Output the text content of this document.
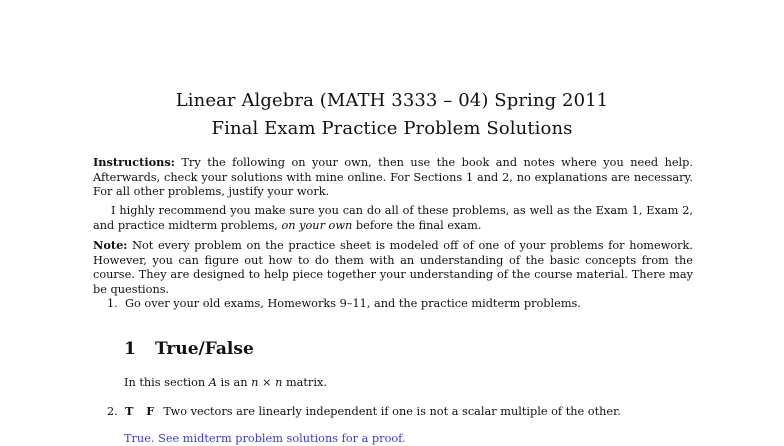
Linear Algebra (MATH 3333 – 04) Spring 2011
Final Exam Practice Problem Solutions
Instructions: Try the following on your own, then use the book and notes where you need help. Afterwards, check your solutions with mine online. For Sections 1 and 2, no explanations are necessary. For all other problems, justify your work.
I highly recommend you make sure you can do all of these problems, as well as the Exam 1, Exam 2, and practice midterm problems, on your own before the final exam.
Note: Not every problem on the practice sheet is modeled off of one of your problems for homework. However, you can figure out how to do them with an understanding of the basic concepts from the course. They are designed to help piece together your understanding of the course material. There may be questions.
1. Go over your old exams, Homeworks 9–11, and the practice midterm problems.
1 True/False
In this section A is an n × n matrix.
2. T F Two vectors are linearly independent if one is not a scalar multiple of the other.
True. See midterm problem solutions for a proof.
